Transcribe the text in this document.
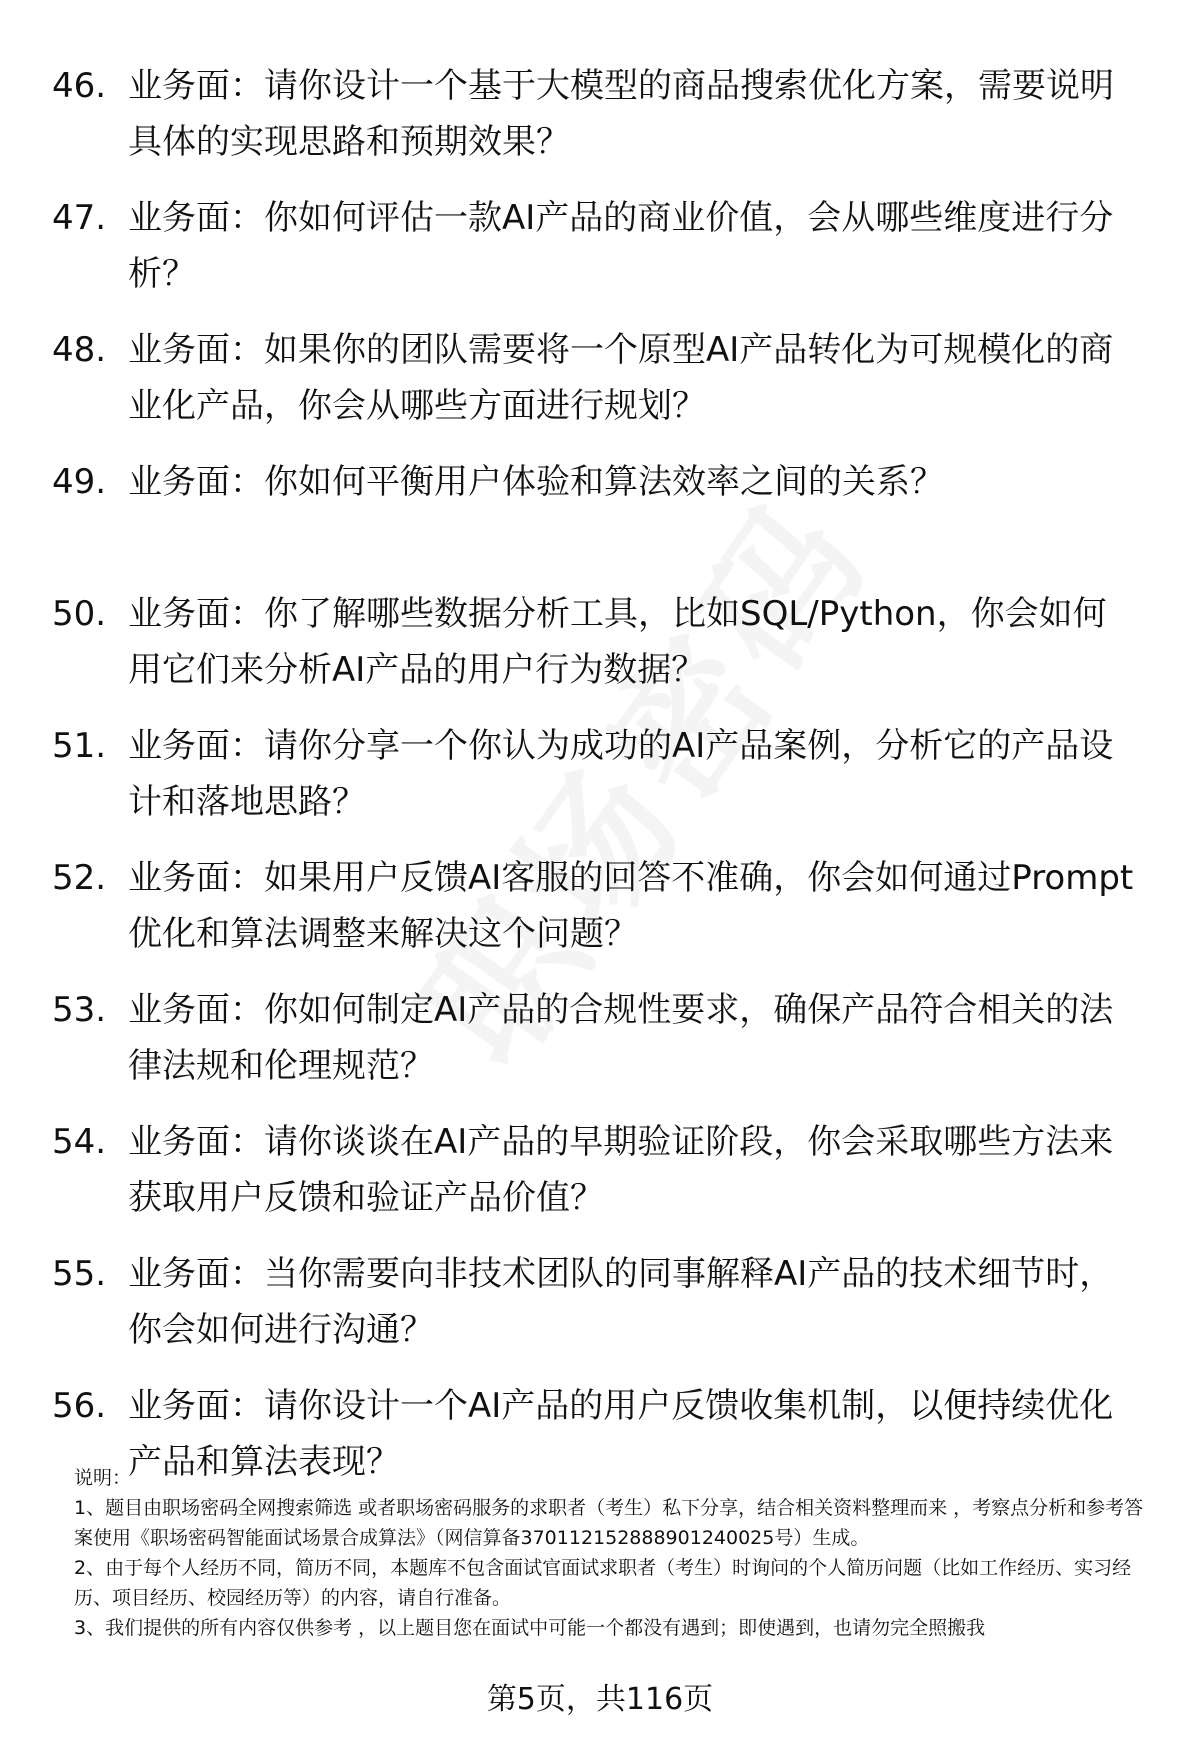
46. 业务面：请你设计一个基于大模型的商品搜索优化方案，需要说明具体的实现思路和预期效果？
47. 业务面：你如何评估一款AI产品的商业价值，会从哪些维度进行分析？
48. 业务面：如果你的团队需要将一个原型AI产品转化为可规模化的商业化产品，你会从哪些方面进行规划？
49. 业务面：你如何平衡用户体验和算法效率之间的关系？
50. 业务面：你了解哪些数据分析工具，比如SQL/Python，你会如何用它们来分析AI产品的用户行为数据？
51. 业务面：请你分享一个你认为成功的AI产品案例，分析它的产品设计和落地思路？
52. 业务面：如果用户反馈AI客服的回答不准确，你会如何通过Prompt优化和算法调整来解决这个问题？
53. 业务面：你如何制定AI产品的合规性要求，确保产品符合相关的法律法规和伦理规范？
54. 业务面：请你谈谈在AI产品的早期验证阶段，你会采取哪些方法来获取用户反馈和验证产品价值？
55. 业务面：当你需要向非技术团队的同事解释AI产品的技术细节时，你会如何进行沟通？
56. 业务面：请你设计一个AI产品的用户反馈收集机制，以便持续优化产品和算法表现？

说明：

1、题目由职场密码全网搜索筛选 或者职场密码服务的求职者（考生）私下分享，结合相关资料整理而来 ，考察点分析和参考答案使用《职场密码智能面试场景合成算法》（网信算备370112152888901240025号）生成。

2、由于每个人经历不同，简历不同，本题库不包含面试官面试求职者（考生）时询问的个人简历问题（比如工作经历、实习经历、项目经历、校园经历等）的内容，请自行准备。

3、我们提供的所有内容仅供参考 ，以上题目您在面试中可能一个都没有遇到；即使遇到，也请勿完全照搬我

第5页，共116页
